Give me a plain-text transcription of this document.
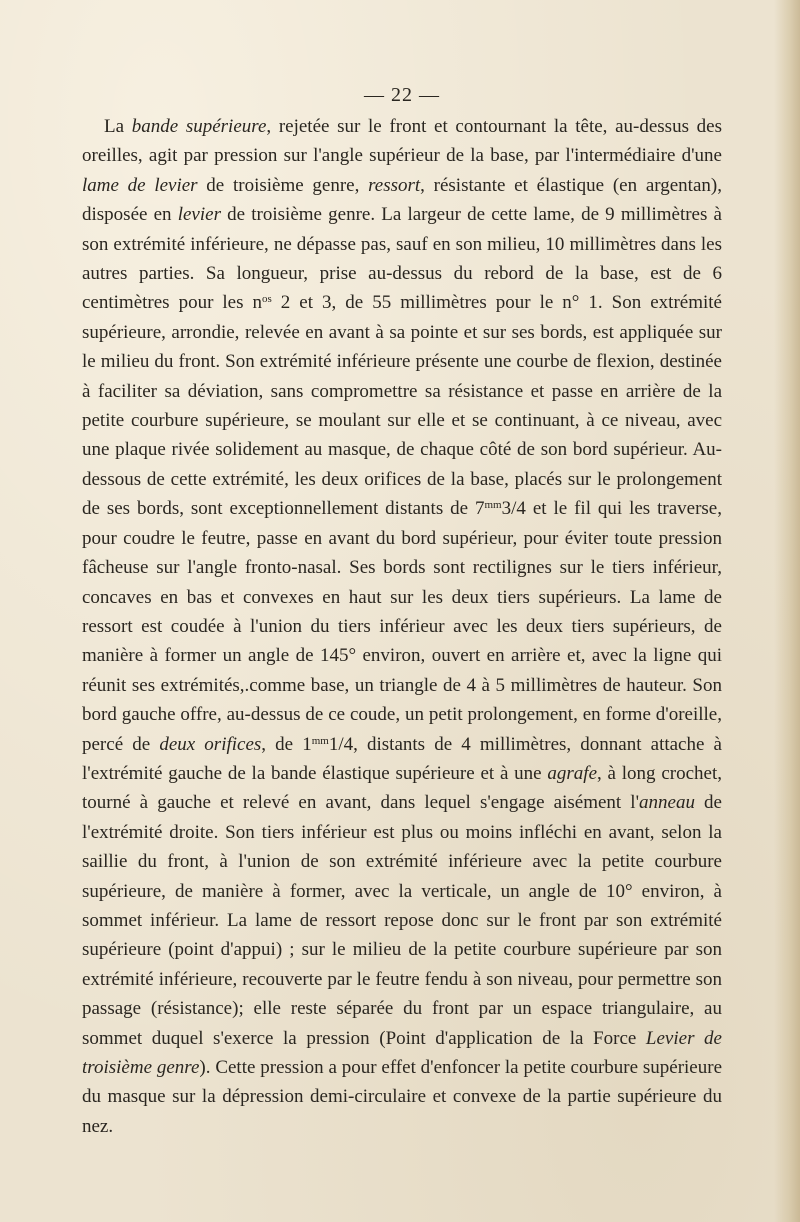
— 22 —

La bande supérieure, rejetée sur le front et contournant la tête, au-dessus des oreilles, agit par pression sur l'angle supérieur de la base, par l'intermédiaire d'une lame de levier de troisième genre, ressort, résistante et élastique (en argentan), disposée en levier de troisième genre. La largeur de cette lame, de 9 millimètres à son extrémité inférieure, ne dépasse pas, sauf en son milieu, 10 millimètres dans les autres parties. Sa longueur, prise au-dessus du rebord de la base, est de 6 centimètres pour les $n^{os}$ 2 et 3, de 55 millimètres pour le n° 1. Son extrémité supérieure, arrondie, relevée en avant à sa pointe et sur ses bords, est appliquée sur le milieu du front. Son extrémité inférieure présente une courbe de flexion, destinée à faciliter sa déviation, sans compromettre sa résistance et passe en arrière de la petite courbure supérieure, se moulant sur elle et se continuant, à ce niveau, avec une plaque rivée solidement au masque, de chaque côté de son bord supérieur. Au-dessous de cette extrémité, les deux orifices de la base, placés sur le prolongement de ses bords, sont exceptionnellement distants de $7^{mm}3/4$ et le fil qui les traverse, pour coudre le feutre, passe en avant du bord supérieur, pour éviter toute pression fâcheuse sur l'angle fronto-nasal. Ses bords sont rectilignes sur le tiers inférieur, concaves en bas et convexes en haut sur les deux tiers supérieurs. La lame de ressort est coudée à l'union du tiers inférieur avec les deux tiers supérieurs, de manière à former un angle de 145° environ, ouvert en arrière et, avec la ligne qui réunit ses extrémités,.comme base, un triangle de 4 à 5 millimètres de hauteur. Son bord gauche offre, au-dessus de ce coude, un petit prolongement, en forme d'oreille, percé de deux orifices, de $1^{mm}1/4$, distants de 4 millimètres, donnant attache à l'extrémité gauche de la bande élastique supérieure et à une agrafe, à long crochet, tourné à gauche et relevé en avant, dans lequel s'engage aisément l'anneau de l'extrémité droite. Son tiers inférieur est plus ou moins infléchi en avant, selon la saillie du front, à l'union de son extrémité inférieure avec la petite courbure supérieure, de manière à former, avec la verticale, un angle de 10° environ, à sommet inférieur. La lame de ressort repose donc sur le front par son extrémité supérieure (point d'appui) ; sur le milieu de la petite courbure supérieure par son extrémité inférieure, recouverte par le feutre fendu à son niveau, pour permettre son passage (résistance); elle reste séparée du front par un espace triangulaire, au sommet duquel s'exerce la pression (Point d'application de la Force Levier de troisième genre). Cette pression a pour effet d'enfoncer la petite courbure supérieure du masque sur la dépression demi-circulaire et convexe de la partie supérieure du nez.
